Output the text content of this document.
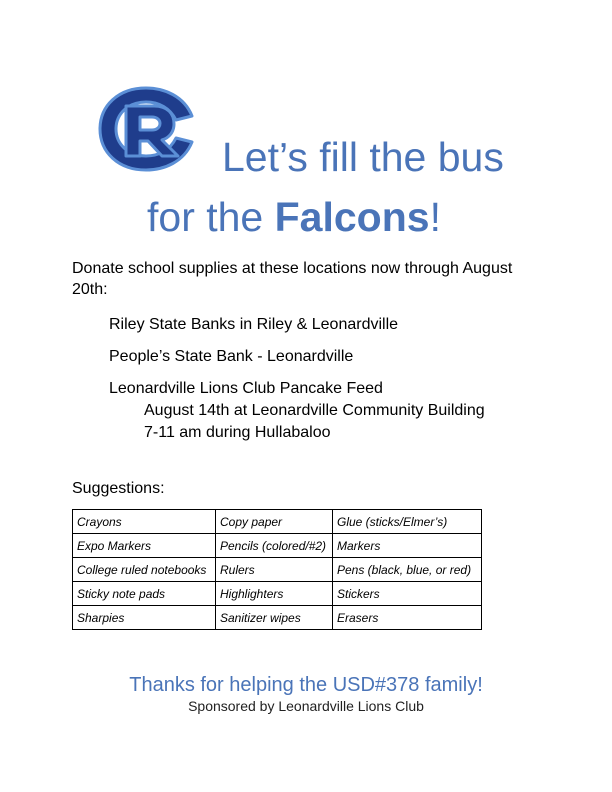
Let’s fill the bus
for the Falcons!
Donate school supplies at these locations now through August 20th:
Riley State Banks in Riley & Leonardville
People’s State Bank - Leonardville
Leonardville Lions Club Pancake Feed
August 14th at Leonardville Community Building
7-11 am during Hullabaloo
Suggestions:
Crayons	Copy paper	Glue (sticks/Elmer’s)
Expo Markers	Pencils (colored/#2)	Markers
College ruled notebooks	Rulers	Pens (black, blue, or red)
Sticky note pads	Highlighters	Stickers
Sharpies	Sanitizer wipes	Erasers
Thanks for helping the USD#378 family!
Sponsored by Leonardville Lions Club
